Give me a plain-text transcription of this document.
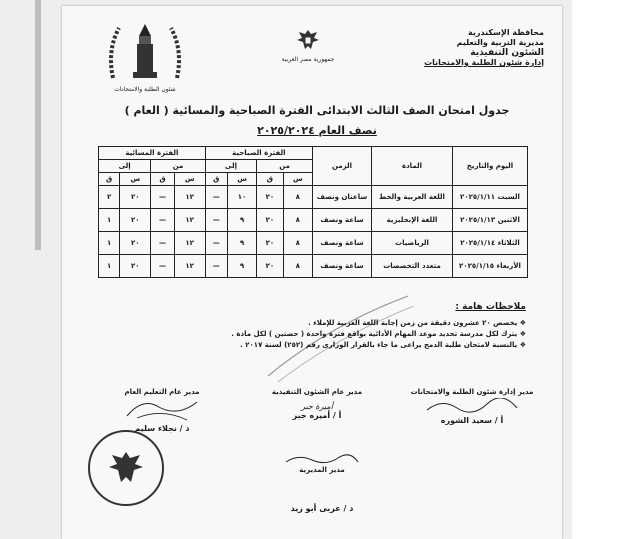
محافظة الإسكندرية
مديرية التربية والتعليم
الشئون التنفيذية
إدارة شئون الطلبة والامتحانات
جمهورية مصر العربية
شئون الطلبة والامتحانات
جدول امتحان الصف الثالث الابتدائى الفترة الصباحية والمسائية ( العام )
نصف العام ٢٠٢٥/٢٠٢٤
اليوم والتاريخ	المادة	الزمن	الفترة الصباحية				الفترة المسائية			
			من		إلى		من		إلى	
			س	ق	س	ق	س	ق	س	ق
السبت ٢٠٢٥/١/١١	اللغة العربية والخط	ساعتان ونصف	٨	٢٠	١٠	—	١٢	—	٢٠	٢
الاثنين ٢٠٢٥/١/١٣	اللغة الإنجليزية	ساعة ونصف	٨	٢٠	٩	—	١٢	—	٢٠	١
الثلاثاء ٢٠٢٥/١/١٤	الرياضيات	ساعة ونصف	٨	٢٠	٩	—	١٢	—	٢٠	١
الأربعاء ٢٠٢٥/١/١٥	متعدد التخصصات	ساعة ونصف	٨	٢٠	٩	—	١٢	—	٢٠	١
ملاحظات هامة :
❖ يخصص ٢٠ عشرون دقيقة من زمن إجابة اللغة العربية للإملاء .
❖ يترك لكل مدرسة تحديد موعد المهام الأدائية بواقع فترة واحدة ( حصتين ) لكل مادة .
❖ بالنسبة لامتحان طلبة الدمج يراعى ما جاء بالقرار الوزارى رقم (٢٥٢) لسنة ٢٠١٧ .
مدير إدارة شئون الطلبة والامتحانات
أ / سعيد الشوره
مدير عام الشئون التنفيذية
أميرة جبر
أ / أميره جبر
مدير عام التعليم العام
د / نجلاء سليم
مدير المديرية
د / عربى أبو زيد
